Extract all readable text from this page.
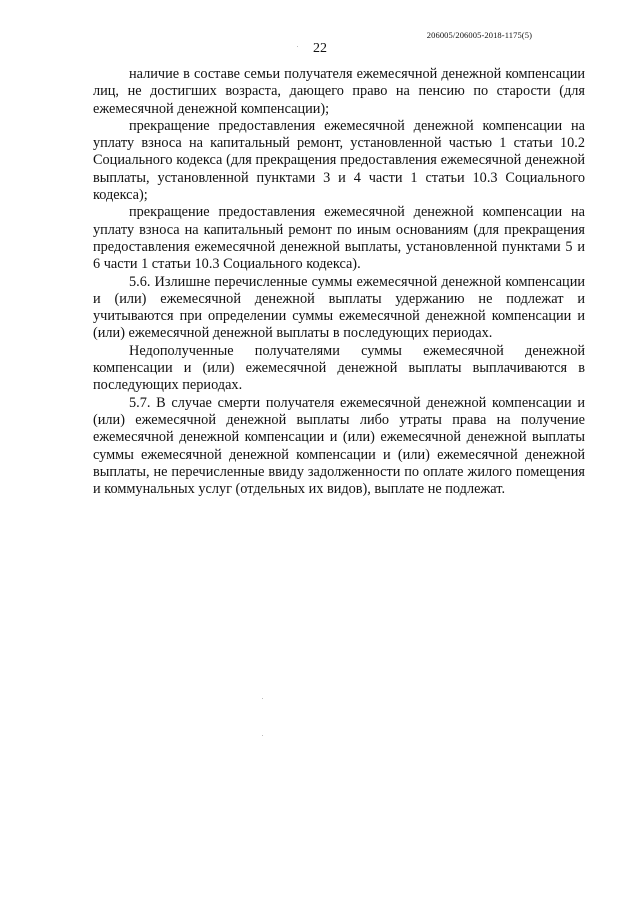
206005/206005-2018-1175(5)
22

наличие в составе семьи получателя ежемесячной денежной компенсации лиц, не достигших возраста, дающего право на пенсию по старости (для ежемесячной денежной компенсации);

прекращение предоставления ежемесячной денежной компенсации на уплату взноса на капитальный ремонт, установленной частью 1 статьи 10.2 Социального кодекса (для прекращения предоставления ежемесячной денежной выплаты, установленной пунктами 3 и 4 части 1 статьи 10.3 Социального кодекса);

прекращение предоставления ежемесячной денежной компенсации на уплату взноса на капитальный ремонт по иным основаниям (для прекращения предоставления ежемесячной денежной выплаты, установленной пунктами 5 и 6 части 1 статьи 10.3 Социального кодекса).

5.6. Излишне перечисленные суммы ежемесячной денежной компенсации и (или) ежемесячной денежной выплаты удержанию не подлежат и учитываются при определении суммы ежемесячной денежной компенсации и (или) ежемесячной денежной выплаты в последующих периодах.

Недополученные получателями суммы ежемесячной денежной компенсации и (или) ежемесячной денежной выплаты выплачиваются в последующих периодах.

5.7. В случае смерти получателя ежемесячной денежной компенсации и (или) ежемесячной денежной выплаты либо утраты права на получение ежемесячной денежной компенсации и (или) ежемесячной денежной выплаты суммы ежемесячной денежной компенсации и (или) ежемесячной денежной выплаты, не перечисленные ввиду задолженности по оплате жилого помещения и коммунальных услуг (отдельных их видов), выплате не подлежат.
